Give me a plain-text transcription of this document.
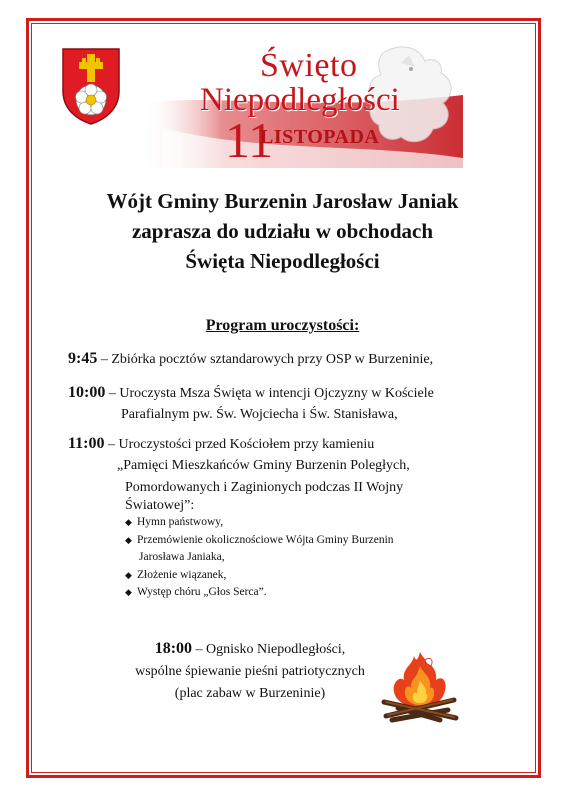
Święto
Niepodległości
11
LISTOPADA
Wójt Gminy Burzenin Jarosław Janiak
zaprasza do udziału w obchodach
Święta Niepodległości
Program uroczystości:
9:45 – Zbiórka pocztów sztandarowych przy OSP w Burzeninie,
10:00 – Uroczysta Msza Święta w intencji Ojczyzny w Kościele
Parafialnym pw. Św. Wojciecha i Św. Stanisława,
11:00 – Uroczystości przed Kościołem przy kamieniu
„Pamięci Mieszkańców Gminy Burzenin Poległych,
Pomordowanych i Zaginionych podczas II Wojny
Światowej”:
◆ Hymn państwowy,
◆ Przemówienie okolicznościowe Wójta Gminy Burzenin
Jarosława Janiaka,
◆ Złożenie wiązanek,
◆ Występ chóru „Głos Serca”.
18:00 – Ognisko Niepodległości,
wspólne śpiewanie pieśni patriotycznych
(plac zabaw w Burzeninie)
